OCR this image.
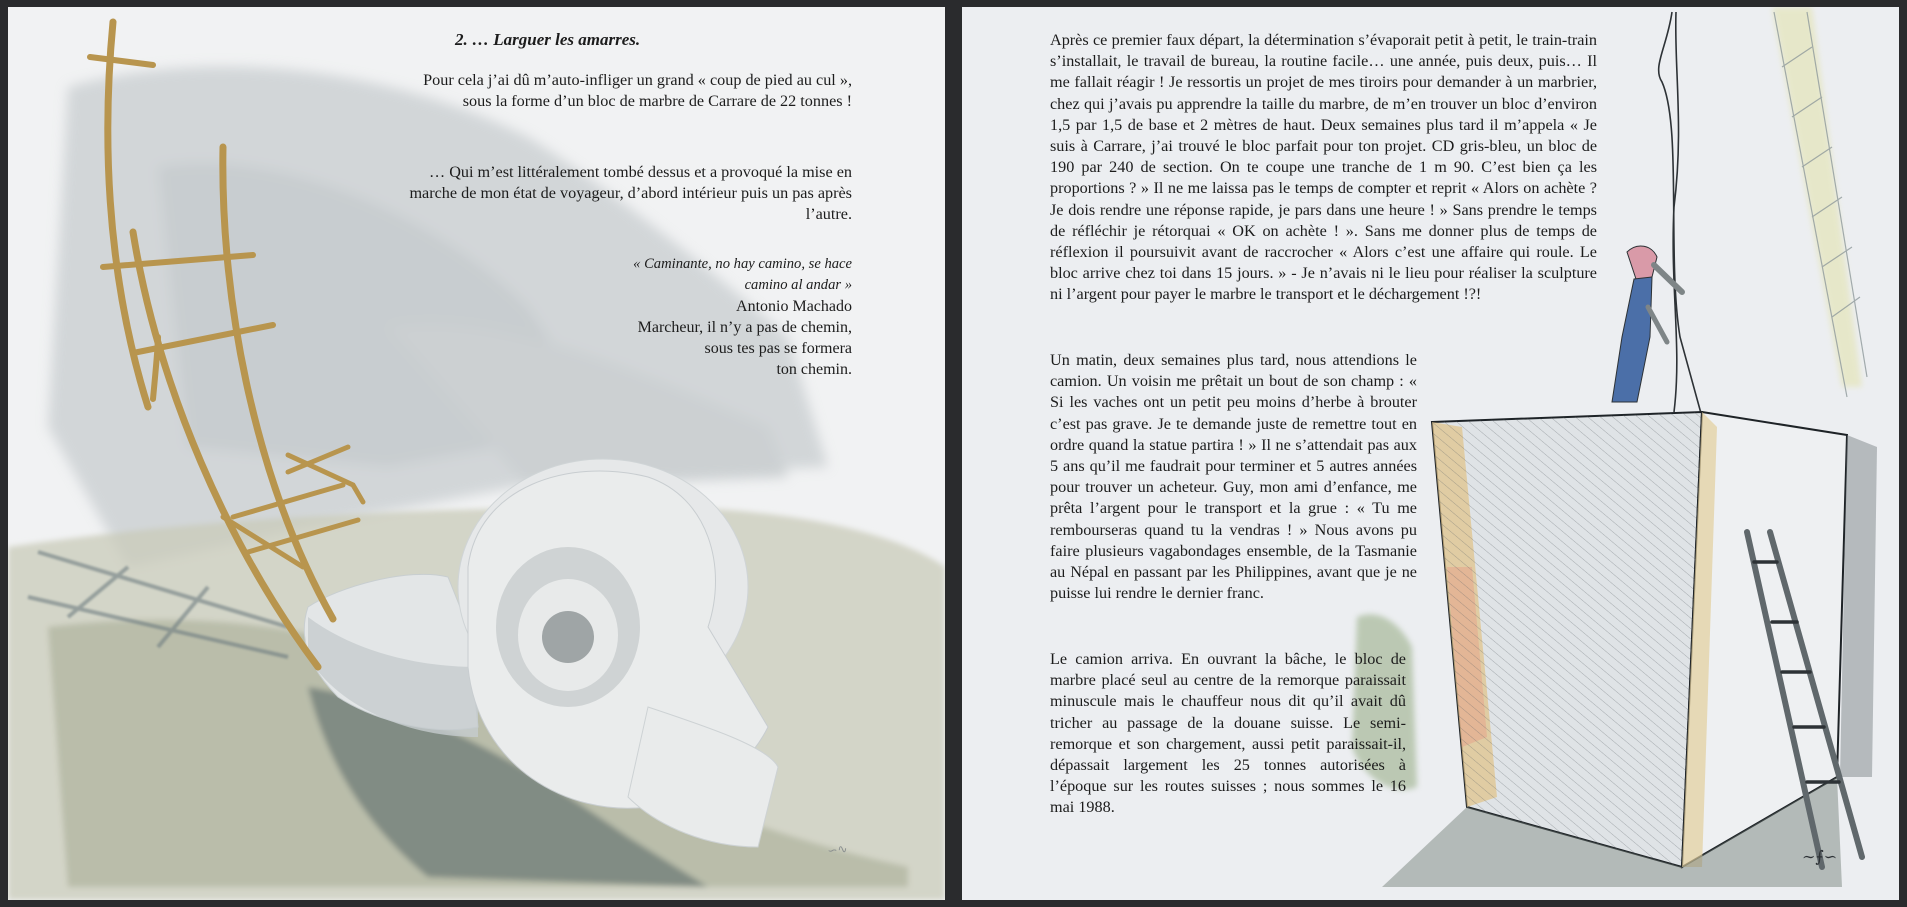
∽∿
2. … Larguer les amarres.

Pour cela j’ai dû m’auto-infliger un grand « coup de pied au cul », sous la forme d’un bloc de marbre de Carrare de 22 tonnes !

… Qui m’est littéralement tombé dessus et a provoqué la mise en marche de mon état de voyageur, d’abord intérieur puis un pas après l’autre.

« Caminante, no hay camino, se hace
camino al andar »
Antonio Machado
Marcheur, il n’y a pas de chemin,
sous tes pas se formera
ton chemin.
∼⨍∽

Après ce premier faux départ, la détermination s’évaporait petit à petit, le train-train s’installait, le travail de bureau, la routine facile… une année, puis deux, puis… Il me fallait réagir ! Je ressortis un projet de mes tiroirs pour demander à un marbrier, chez qui j’avais pu apprendre la taille du marbre, de m’en trouver un bloc d’environ 1,5 par 1,5 de base et 2 mètres de haut. Deux semaines plus tard il m’appela « Je suis à Carrare, j’ai trouvé le bloc parfait pour ton projet. CD gris-bleu, un bloc de 190 par 240 de section. On te coupe une tranche de 1 m 90. C’est bien ça les proportions ? » Il ne me laissa pas le temps de compter et reprit « Alors on achète ? Je dois rendre une réponse rapide, je pars dans une heure ! » Sans prendre le temps de réfléchir je rétorquai « OK on achète ! ». Sans me donner plus de temps de réflexion il poursuivit avant de raccrocher « Alors c’est une affaire qui roule. Le bloc arrive chez toi dans 15 jours. » - Je n’avais ni le lieu pour réaliser la sculpture ni l’argent pour payer le marbre le transport et le déchargement !?!

Un matin, deux semaines plus tard, nous attendions le camion. Un voisin me prêtait un bout de son champ : « Si les vaches ont un petit peu moins d’herbe à brouter c’est pas grave. Je te demande juste de remettre tout en ordre quand la statue partira ! » Il ne s’attendait pas aux 5 ans qu’il me faudrait pour terminer et 5 autres années pour trouver un acheteur. Guy, mon ami d’enfance, me prêta l’argent pour le transport et la grue : « Tu me rembourseras quand tu la vendras ! » Nous avons pu faire plusieurs vagabondages ensemble, de la Tasmanie au Népal en passant par les Philippines, avant que je ne puisse lui rendre le dernier franc.

Le camion arriva. En ouvrant la bâche, le bloc de marbre placé seul au centre de la remorque paraissait minuscule mais le chauffeur nous dit qu’il avait dû tricher au passage de la douane suisse. Le semi-remorque et son chargement, aussi petit paraissait-il, dépassait largement les 25 tonnes autorisées à l’époque sur les routes suisses ; nous sommes le 16 mai 1988.
